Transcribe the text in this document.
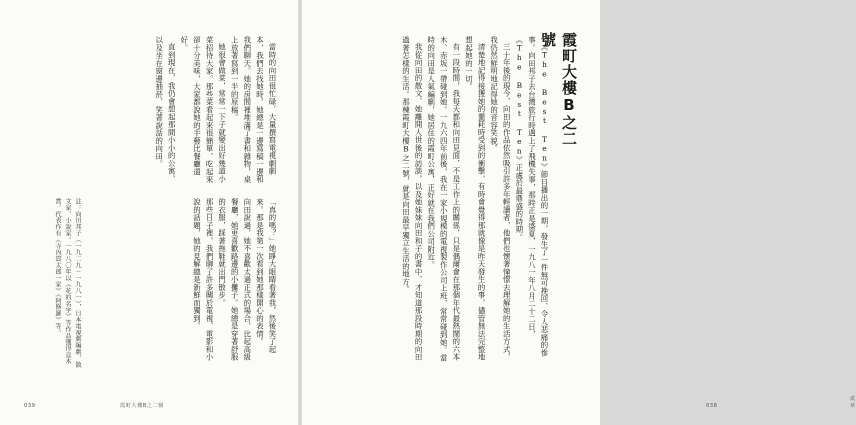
當時的向田很忙碌，大量撰寫電視劇劇本，我們去找她時，她總是一邊寫稿一邊和我們聊天。她的房間裡堆滿了書和雜物，桌上放著寫到一半的原稿。

她很會做菜，常常一下子就變出好幾道小菜招待大家。那些菜看起來很簡單，吃起來卻十分美味，大家都說她的手藝比餐廳還好。

直到現在，我仍會想起那間小小的公寓，以及坐在窗邊抽菸、笑著說話的向田。

「真的嗎？」她睜大眼睛看著我，然後笑了起來。那是我第一次看到她那樣開心的表情。

向田說過，她不喜歡太過正式的場合，比起高級餐廳，她更喜歡路邊的小攤子。她總是穿著舒服的衣服，踩著拖鞋就出門散步。

那些日子裡，我們聊了許多關於電視、電影和小說的話題，她的見解總是新鮮而獨到。

註：向田邦子（一九二九－一九八一），日本電視劇編劇、散文家、小說家。一九八〇年以《花的名字》等作品獲得直木賞。代表作有《寺內貫太郎一家》《阿修羅》等。
039	霞町大樓B之二號
霞町大樓B之二號

《The Best Ten》節目播出的一期，發生了一件無可挽回、令人悲痛的慘事。向田邦子去台灣旅行時遇上了飛機失事，那時正是盛夏，一九八一年八月二十二日，《The Best Ten》正處於最鼎盛的時期。

三十年後的現今，向田的作品依然吸引許多年輕讀者，他們也懷著憧憬去理解她的生活方式，我仍然鮮明地記得她的音容笑貌。

清楚地記得接獲她的噩耗時受到的衝擊，有時會覺得那就像是昨天發生的事，儘管無法完整地想起她的一切。

有一段時間，我每天都和向田見面，不是工作上的關係，只是偶爾會在那個年代最熱鬧的六本木、赤坂一帶碰到她。一九六四年前後，我在一家小規模的電視製作公司上班，常常碰到她。當時的向田是人氣編劇，她居住的霞町公寓，正好就在我們公司附近。

我從向田的散文、她離開人世後的訪談，以及她妹妹向田和子的書中，才知道那段時期的向田過著怎樣的生活。那棟霞町大樓B之二號，就是向田最早獨立生活的地方。

038
貳章
